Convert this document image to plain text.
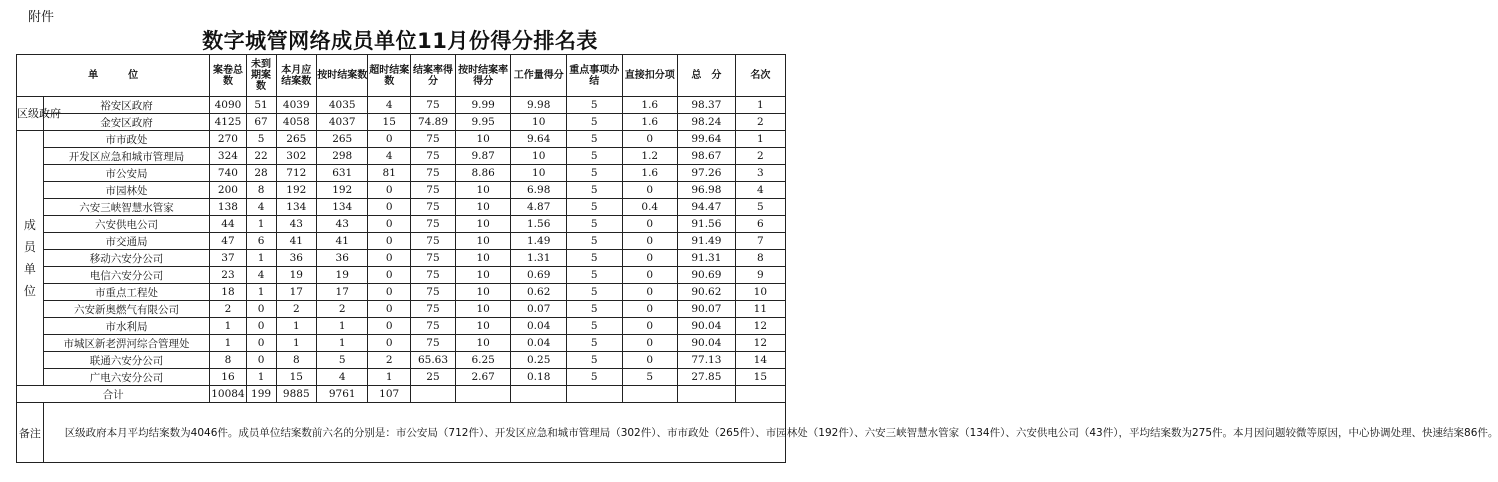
附件
数字城管网络成员单位11月份得分排名表
单　　　位		案卷总数	未到期案数	本月应结案数	按时结案数	超时结案数	结案率得分	按时结案率得分	工作量得分	重点事项办结	直接扣分项	总　分	名次
区级政府	裕安区政府	4090	51	4039	4035	4	75	9.99	9.98	5	1.6	98.37	1
	金安区政府	4125	67	4058	4037	15	74.89	9.95	10	5	1.6	98.24	2

成
员
单
位	市市政处	270	5	265	265	0	75	10	9.64	5	0	99.64	1
	开发区应急和城市管理局	324	22	302	298	4	75	9.87	10	5	1.2	98.67	2
	市公安局	740	28	712	631	81	75	8.86	10	5	1.6	97.26	3
	市园林处	200	8	192	192	0	75	10	6.98	5	0	96.98	4
	六安三峡智慧水管家	138	4	134	134	0	75	10	4.87	5	0.4	94.47	5
	六安供电公司	44	1	43	43	0	75	10	1.56	5	0	91.56	6
	市交通局	47	6	41	41	0	75	10	1.49	5	0	91.49	7
	移动六安分公司	37	1	36	36	0	75	10	1.31	5	0	91.31	8
	电信六安分公司	23	4	19	19	0	75	10	0.69	5	0	90.69	9
	市重点工程处	18	1	17	17	0	75	10	0.62	5	0	90.62	10
	六安新奥燃气有限公司	2	0	2	2	0	75	10	0.07	5	0	90.07	11
	市水利局	1	0	1	1	0	75	10	0.04	5	0	90.04	12
	市城区新老淠河综合管理处	1	0	1	1	0	75	10	0.04	5	0	90.04	12
	联通六安分公司	8	0	8	5	2	65.63	6.25	0.25	5	0	77.13	14
	广电六安分公司	16	1	15	4	1	25	2.67	0.18	5	5	27.85	15
合计		10084	199	9885	9761	107							
备注	区级政府本月平均结案数为4046件。成员单位结案数前六名的分别是：市公安局（712件）、开发区应急和城市管理局（302件）、市市政处（265件）、市园林处（192件）、六安三峡智慧水管家（134件）、六安供电公司（43件），平均结案数为275件。本月因问题较微等原因，中心协调处理、快速结案86件。												
